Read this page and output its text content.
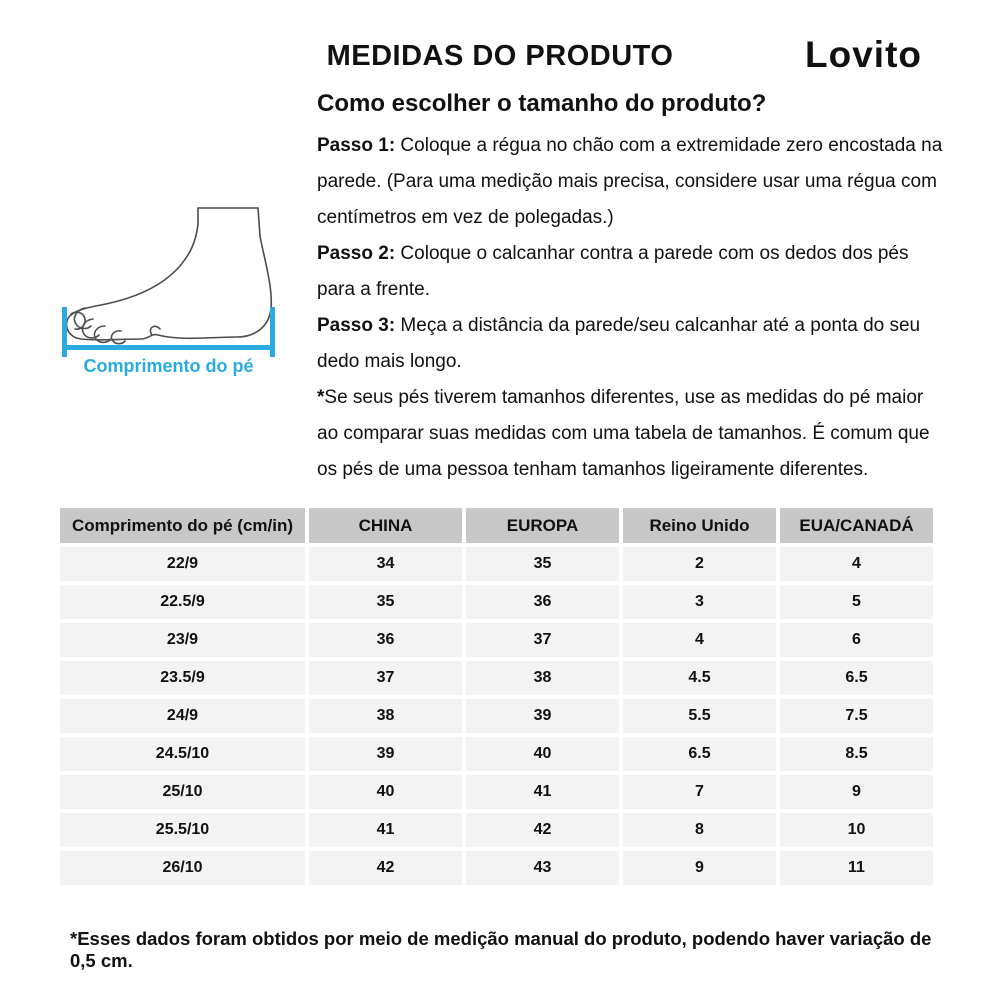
MEDIDAS DO PRODUTO	Lovito
Comprimento do pé
Como escolher o tamanho do produto?

Passo 1: Coloque a régua no chão com a extremidade zero encostada na parede. (Para uma medição mais precisa, considere usar uma régua com centímetros em vez de polegadas.)

Passo 2: Coloque o calcanhar contra a parede com os dedos dos pés para a frente.

Passo 3: Meça a distância da parede/seu calcanhar até a ponta do seu dedo mais longo.

*Se seus pés tiverem tamanhos diferentes, use as medidas do pé maior ao comparar suas medidas com uma tabela de tamanhos. É comum que os pés de uma pessoa tenham tamanhos ligeiramente diferentes.

Comprimento do pé (cm/in)	CHINA	EUROPA	Reino Unido	EUA/CANADÁ
22/9	34	35	2	4
22.5/9	35	36	3	5
23/9	36	37	4	6
23.5/9	37	38	4.5	6.5
24/9	38	39	5.5	7.5
24.5/10	39	40	6.5	8.5
25/10	40	41	7	9
25.5/10	41	42	8	10
26/10	42	43	9	11
*Esses dados foram obtidos por meio de medição manual do produto, podendo haver variação de 0,5 cm.
